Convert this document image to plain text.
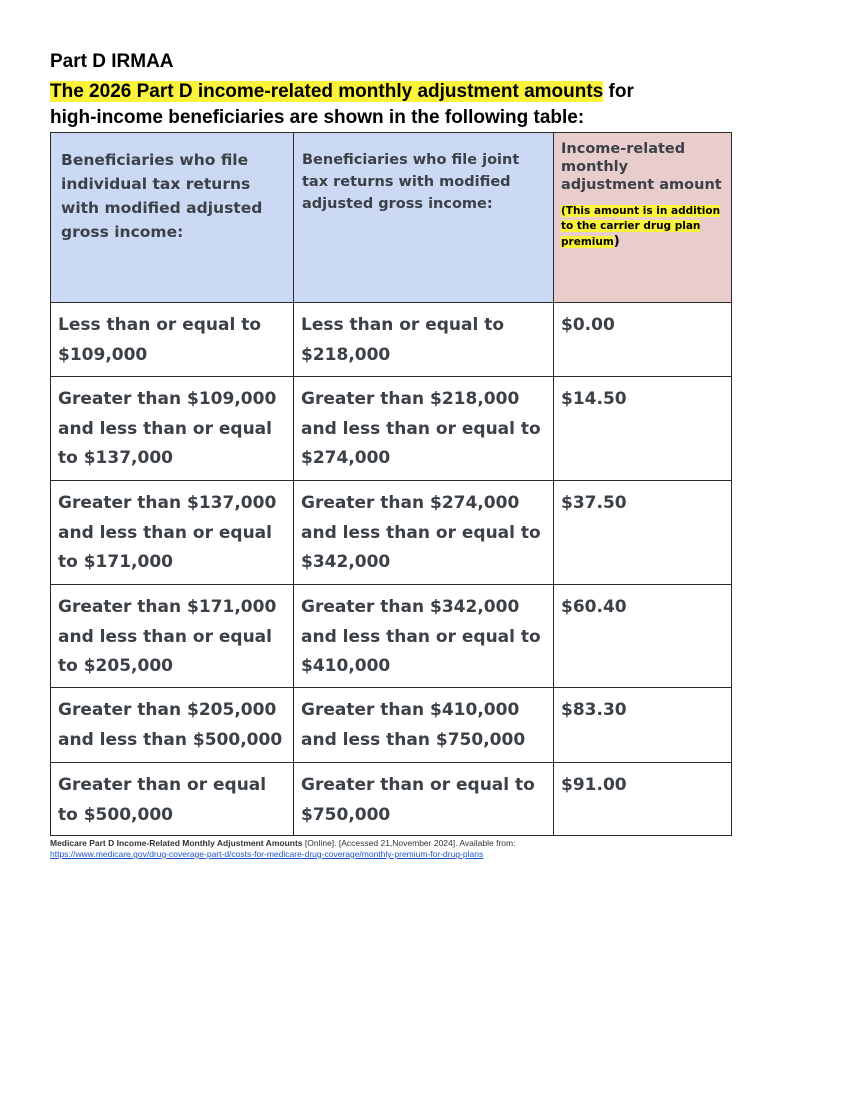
Part D IRMAA
The 2026 Part D income-related monthly adjustment amounts for
high-income beneficiaries are shown in the following table:
Beneficiaries who file individual tax returns with modified adjusted gross income:	Beneficiaries who file joint tax returns with modified adjusted gross income:	Income-related monthly adjustment amount
(This amount is in addition to the carrier drug plan premium)

Less than or equal to $109,000	Less than or equal to $218,000	$0.00
Greater than $109,000 and less than or equal to $137,000	Greater than $218,000 and less than or equal to $274,000	$14.50
Greater than $137,000 and less than or equal to $171,000	Greater than $274,000 and less than or equal to $342,000	$37.50
Greater than $171,000 and less than or equal to $205,000	Greater than $342,000 and less than or equal to $410,000	$60.40
Greater than $205,000 and less than $500,000	Greater than $410,000 and less than $750,000	$83.30
Greater than or equal to $500,000	Greater than or equal to $750,000	$91.00
Medicare Part D Income-Related Monthly Adjustment Amounts [Online]. [Accessed 21,November 2024]. Available from:
https://www.medicare.gov/drug-coverage-part-d/costs-for-medicare-drug-coverage/monthly-premium-for-drug-plans
